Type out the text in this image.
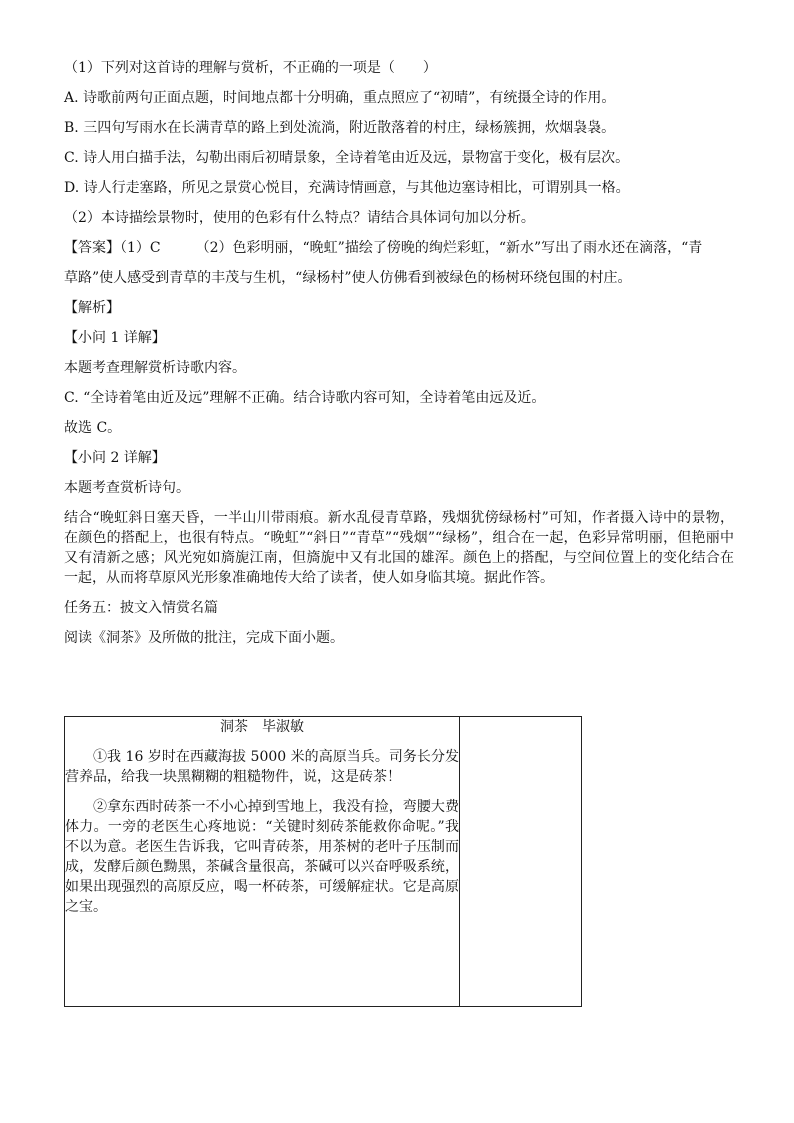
（1）下列对这首诗的理解与赏析，不正确的一项是（　　）
A. 诗歌前两句正面点题，时间地点都十分明确，重点照应了“初晴”，有统摄全诗的作用。
B. 三四句写雨水在长满青草的路上到处流淌，附近散落着的村庄，绿杨簇拥，炊烟袅袅。
C. 诗人用白描手法，勾勒出雨后初晴景象，全诗着笔由近及远，景物富于变化，极有层次。
D. 诗人行走塞路，所见之景赏心悦目，充满诗情画意，与其他边塞诗相比，可谓别具一格。
（2）本诗描绘景物时，使用的色彩有什么特点？请结合具体词句加以分析。
【答案】（1）C　　　（2）色彩明丽，“晚虹”描绘了傍晚的绚烂彩虹，“新水”写出了雨水还在滴落，“青
草路”使人感受到青草的丰茂与生机，“绿杨村”使人仿佛看到被绿色的杨树环绕包围的村庄。
【解析】
【小问 1 详解】
本题考查理解赏析诗歌内容。
C. “全诗着笔由近及远”理解不正确。结合诗歌内容可知，全诗着笔由远及近。
故选 C。
【小问 2 详解】
本题考查赏析诗句。

结合“晚虹斜日塞天昏，一半山川带雨痕。新水乱侵青草路，残烟犹傍绿杨村”可知，作者摄入诗中的景物，在颜色的搭配上，也很有特点。“晚虹”“斜日”“青草”“残烟”“绿杨”，组合在一起，色彩异常明丽，但艳丽中又有清新之感；风光宛如旖旎江南，但旖旎中又有北国的雄浑。颜色上的搭配，与空间位置上的变化结合在一起，从而将草原风光形象准确地传大给了读者，使人如身临其境。据此作答。

任务五：披文入情赏名篇
阅读《洞茶》及所做的批注，完成下面小题。
洞茶　毕淑敏

①我 16 岁时在西藏海拔 5000 米的高原当兵。司务长分发营养品，给我一块黑糊糊的粗糙物件，说，这是砖茶！

②拿东西时砖茶一不小心掉到雪地上，我没有捡，弯腰大费体力。一旁的老医生心疼地说：“关键时刻砖茶能救你命呢。”我不以为意。老医生告诉我，它叫青砖茶，用茶树的老叶子压制而成，发酵后颜色黝黑，茶碱含量很高，茶碱可以兴奋呼吸系统，如果出现强烈的高原反应，喝一杯砖茶，可缓解症状。它是高原之宝。
